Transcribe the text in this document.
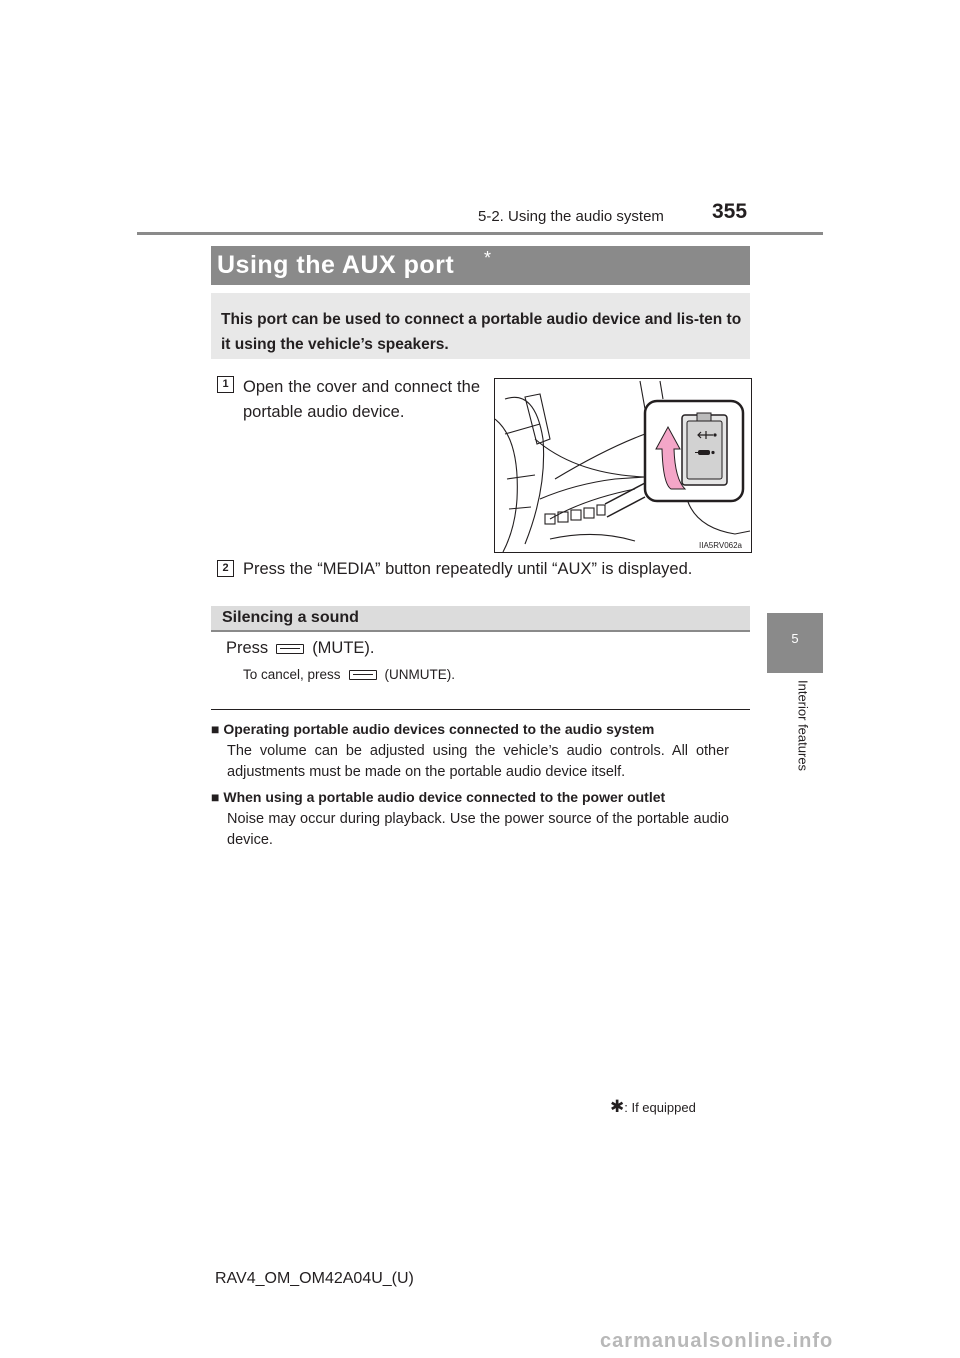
5-2. Using the audio system 355
5
Interior features
Using the AUX port *

This port can be used to connect a portable audio device and lis-ten to it using the vehicle’s speakers.

1 Open the cover and connect the portable audio device.
IIA5RV062a
2 Press the “MEDIA” button repeatedly until “AUX” is displayed.
Silencing a sound
Press	(MUTE).
To cancel, press	(UNMUTE).
■ Operating portable audio devices connected to the audio system
The volume can be adjusted using the vehicle’s audio controls. All other adjustments must be made on the portable audio device itself.
■ When using a portable audio device connected to the power outlet
Noise may occur during playback. Use the power source of the portable audio device.
✱: If equipped
RAV4_OM_OM42A04U_(U)
carmanualsonline.info
